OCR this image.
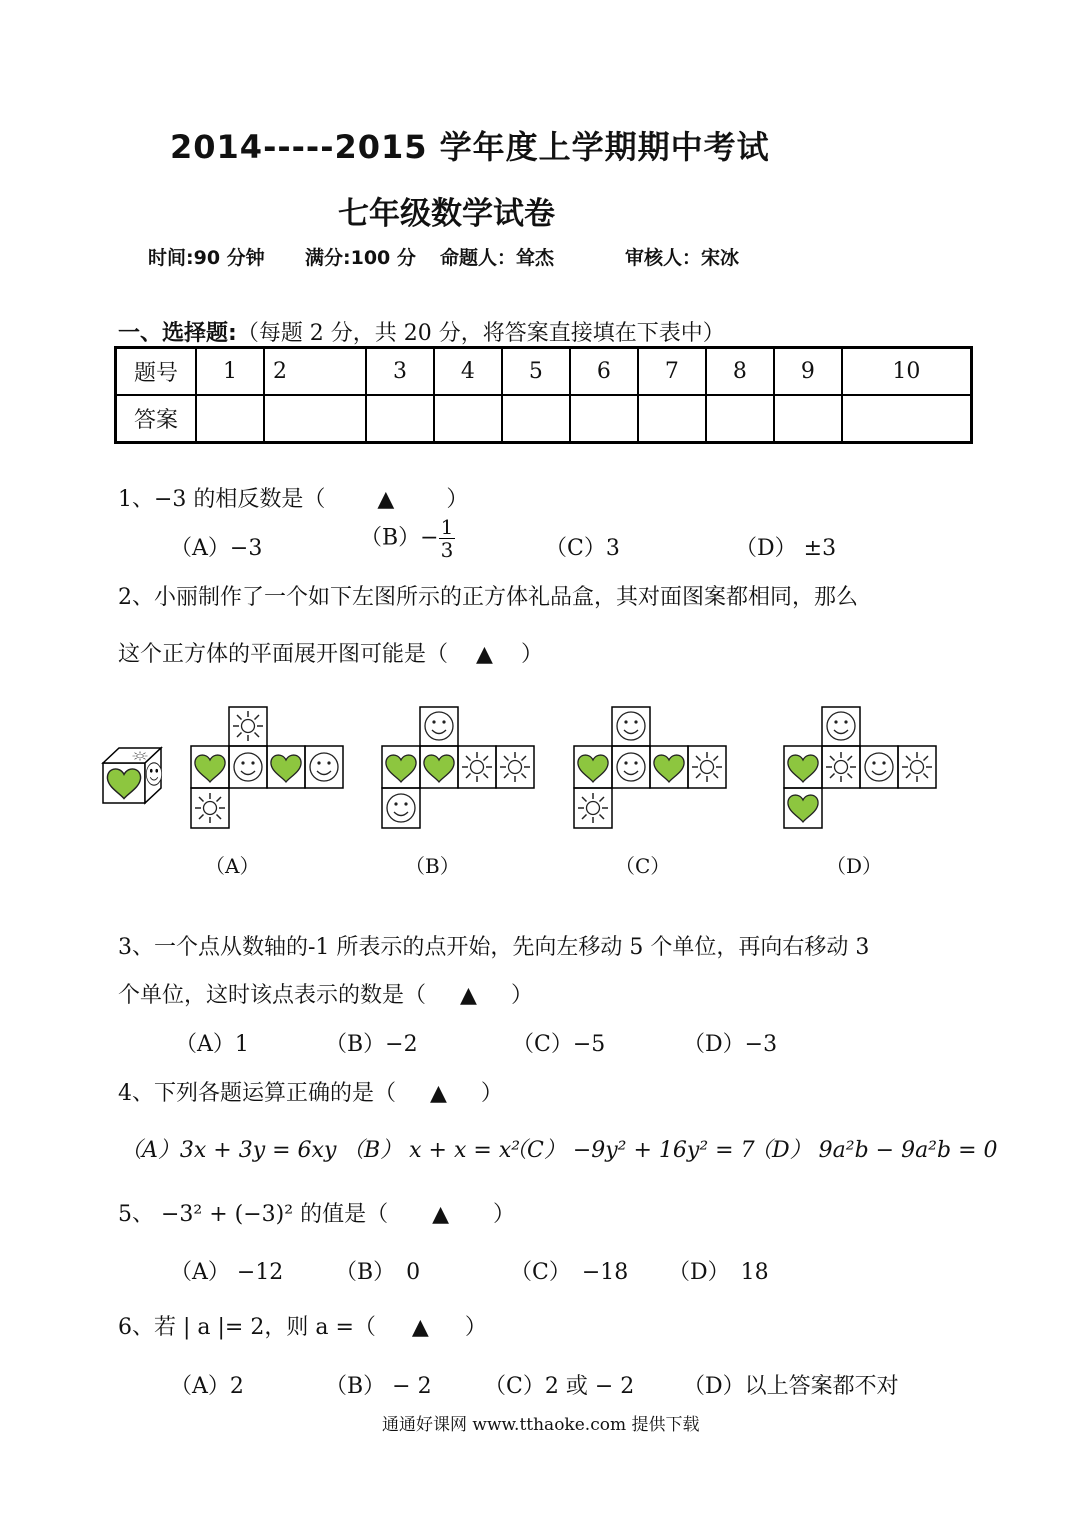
2014-----2015 学年度上学期期中考试
七年级数学试卷
时间:90 分钟 满分:100 分 命题人：耸杰	审核人：宋冰
一、选择题:（每题 2 分，共 20 分，将答案直接填在下表中）
题号	1	2	3	4	5	6	7	8	9	10
答案										
1、−3 的相反数是（ ▲ ）
（A）−3	$(B)- \frac{1}{3}$	（C）3	（D） ±3
2、小丽制作了一个如下左图所示的正方体礼品盒，其对面图案都相同，那么
这个正方体的平面展开图可能是（ ▲ ）
（A）	（B）	（C）	（D）
3、一个点从数轴的-1 所表示的点开始，先向左移动 5 个单位，再向右移动 3
个单位，这时该点表示的数是（ ▲ ）
（A）1	（B）−2	（C）−5	（D）−3
4、下列各题运算正确的是（ ▲ ）
（A）3x + 3y = 6xy （B） x + x = x²
（C） −9y² + 16y² = 7
（D） 9a²b − 9a²b = 0
5、 −3² + (−3)² 的值是（ ▲ ）
（A） −12 （B）　0	（C）　−18 （D）　18
6、若 | a |= 2，则 a =（ ▲ ）
（A）2	（B） − 2 （C）2 或 − 2 （D）以上答案都不对
通通好课网 www.tthaoke.com 提供下载
